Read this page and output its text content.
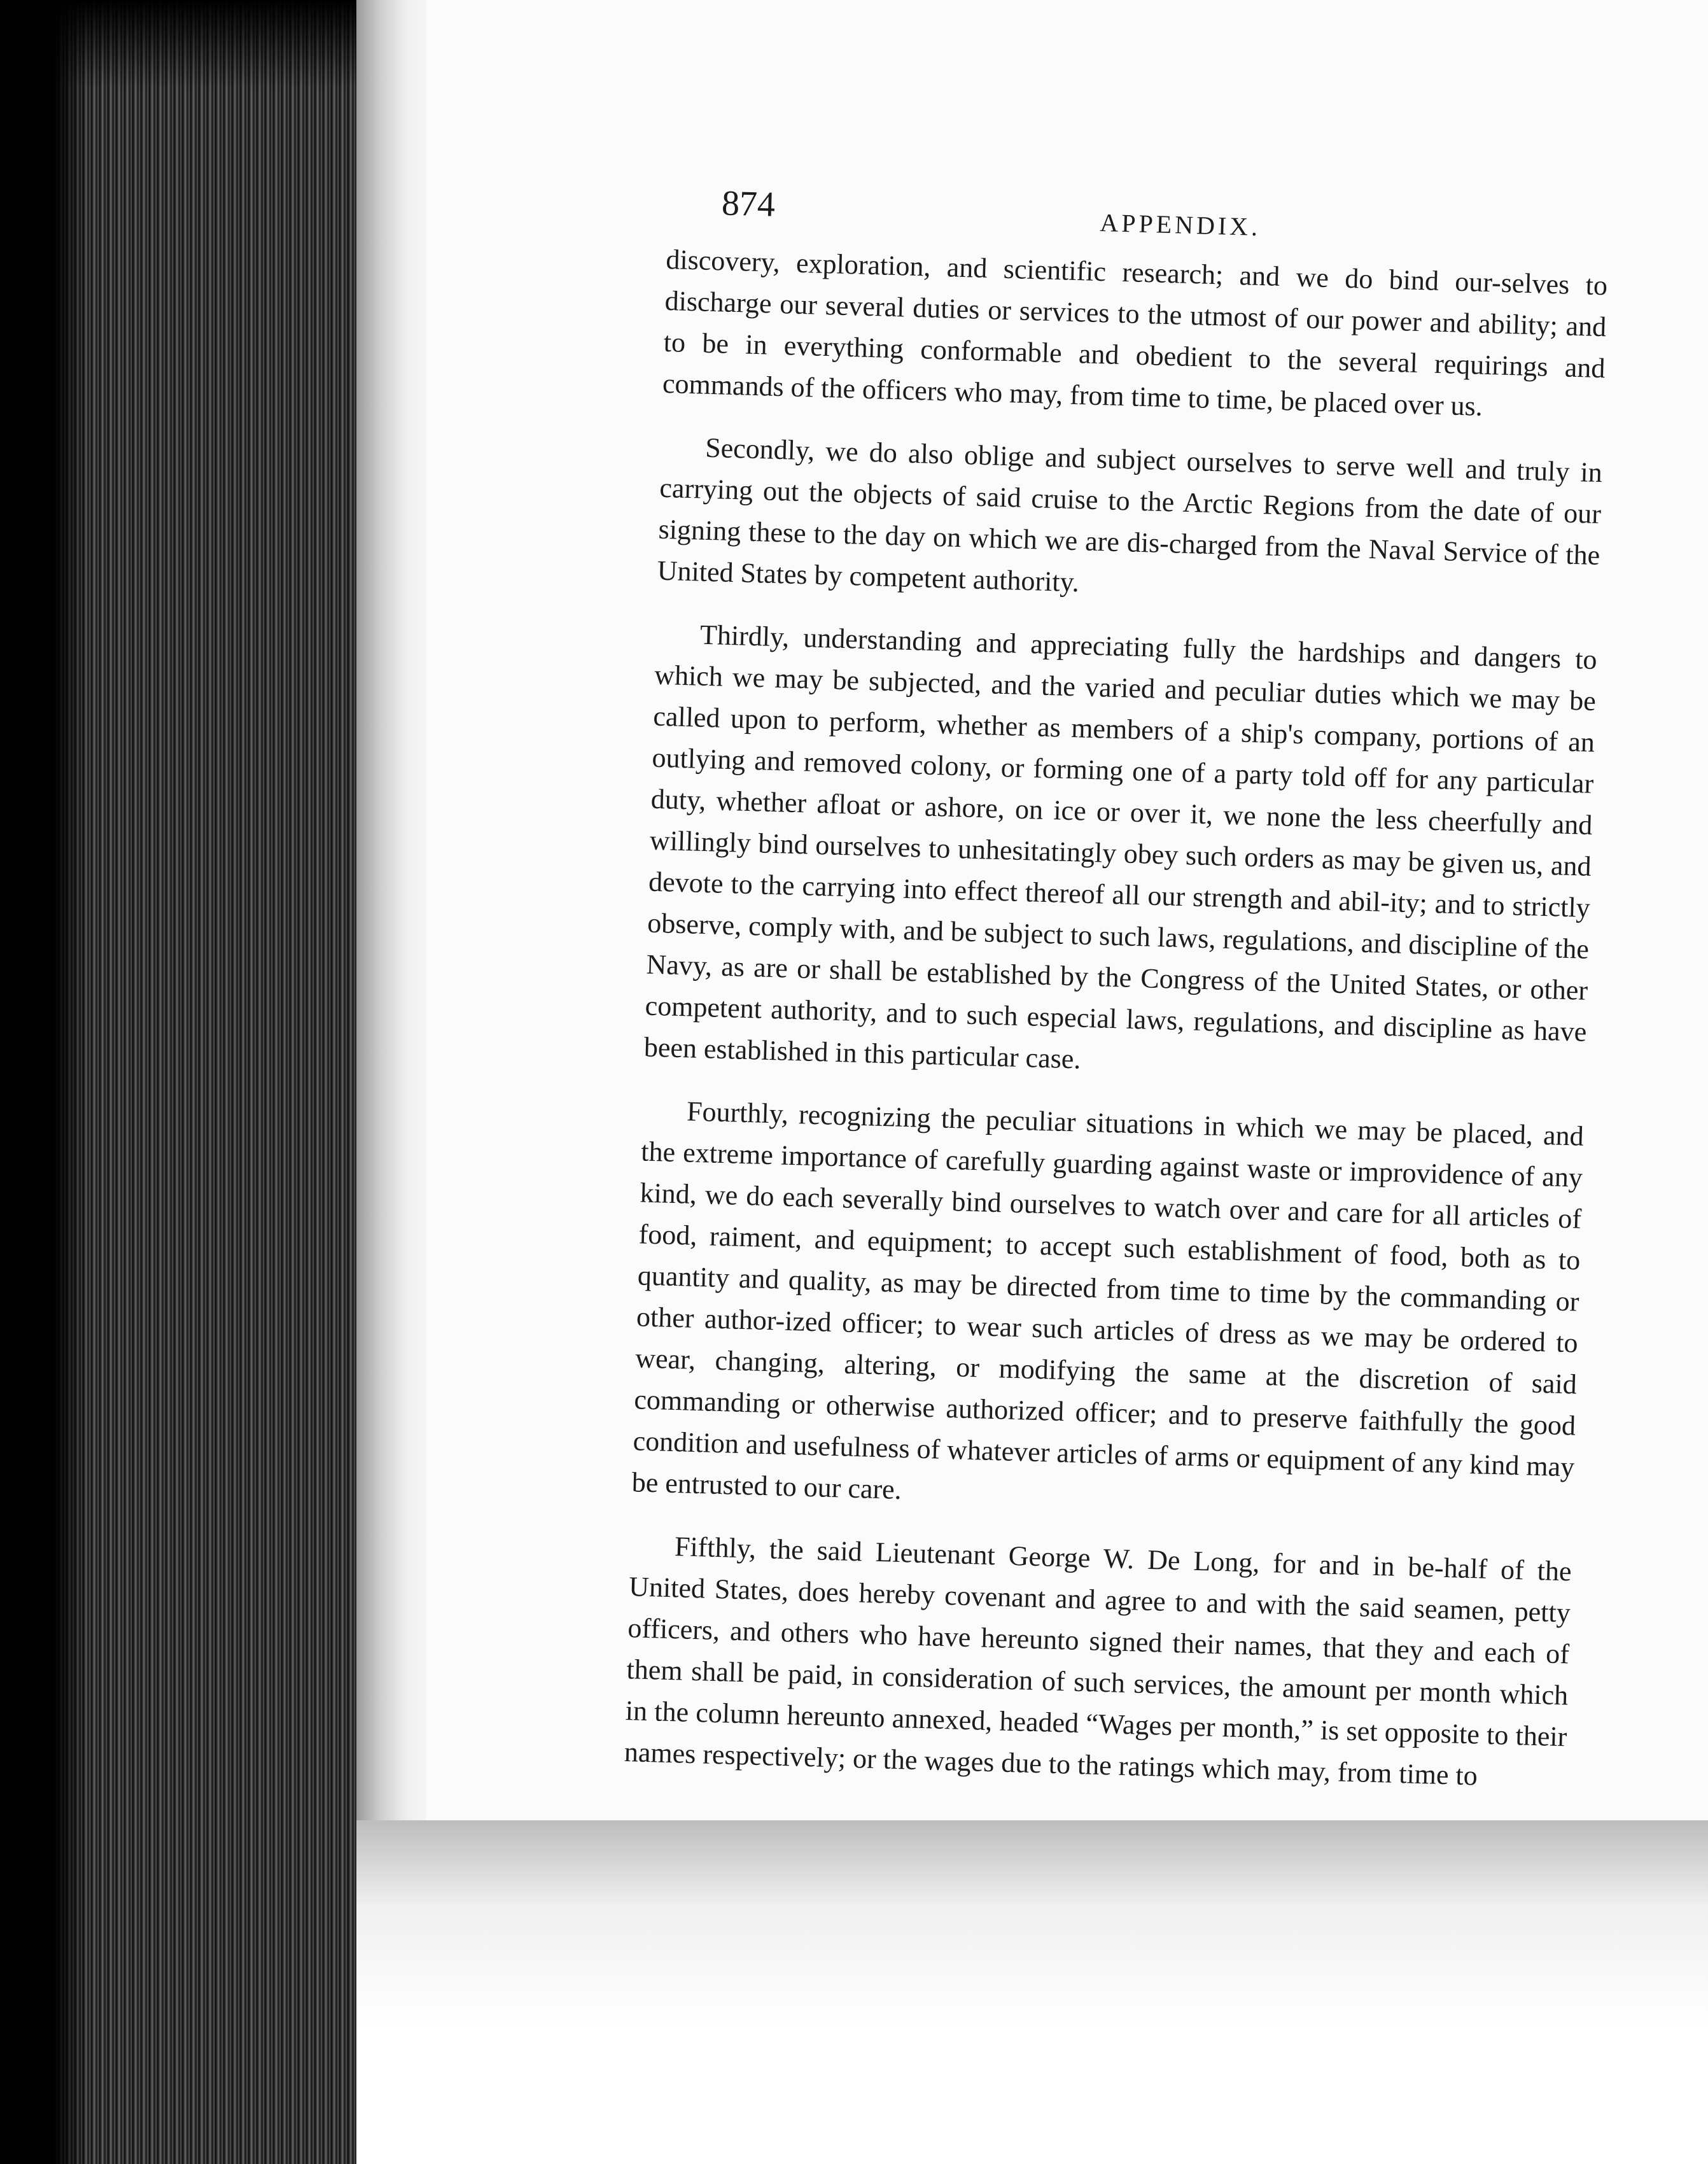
874
APPENDIX.

discovery, exploration, and scientific research; and we do bind our-selves to discharge our several duties or services to the utmost of our power and ability; and to be in everything conformable and obedient to the several requirings and commands of the officers who may, from time to time, be placed over us.

Secondly, we do also oblige and subject ourselves to serve well and truly in carrying out the objects of said cruise to the Arctic Regions from the date of our signing these to the day on which we are dis-charged from the Naval Service of the United States by competent authority.

Thirdly, understanding and appreciating fully the hardships and dangers to which we may be subjected, and the varied and peculiar duties which we may be called upon to perform, whether as members of a ship's company, portions of an outlying and removed colony, or forming one of a party told off for any particular duty, whether afloat or ashore, on ice or over it, we none the less cheerfully and willingly bind ourselves to unhesitatingly obey such orders as may be given us, and devote to the carrying into effect thereof all our strength and abil-ity; and to strictly observe, comply with, and be subject to such laws, regulations, and discipline of the Navy, as are or shall be established by the Congress of the United States, or other competent authority, and to such especial laws, regulations, and discipline as have been established in this particular case.

Fourthly, recognizing the peculiar situations in which we may be placed, and the extreme importance of carefully guarding against waste or improvidence of any kind, we do each severally bind ourselves to watch over and care for all articles of food, raiment, and equipment; to accept such establishment of food, both as to quantity and quality, as may be directed from time to time by the commanding or other author-ized officer; to wear such articles of dress as we may be ordered to wear, changing, altering, or modifying the same at the discretion of said commanding or otherwise authorized officer; and to preserve faithfully the good condition and usefulness of whatever articles of arms or equipment of any kind may be entrusted to our care.

Fifthly, the said Lieutenant George W. De Long, for and in be-half of the United States, does hereby covenant and agree to and with the said seamen, petty officers, and others who have hereunto signed their names, that they and each of them shall be paid, in consideration of such services, the amount per month which in the column hereunto annexed, headed “Wages per month,” is set opposite to their names respectively; or the wages due to the ratings which may, from time to
